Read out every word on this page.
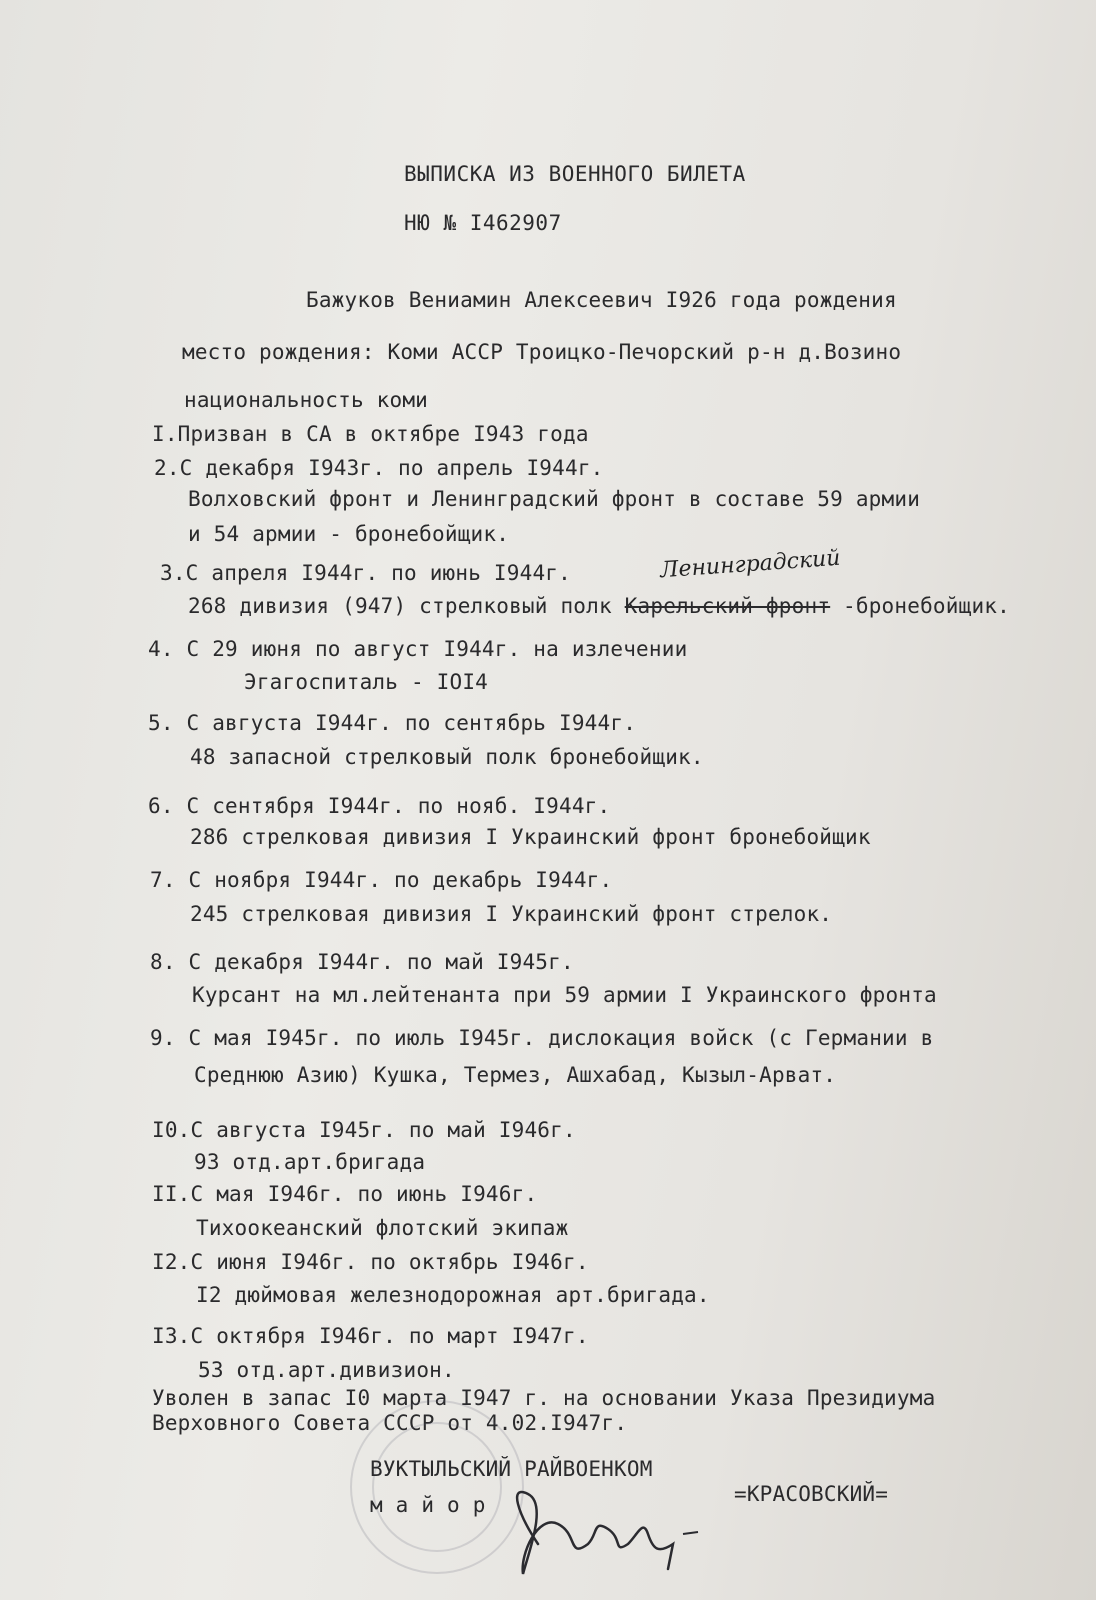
ВЫПИСКА ИЗ ВОЕННОГО БИЛЕТА
НЮ № I462907
Бажуков Вениамин Алексеевич I926 года рождения
место рождения: Коми АССР Троицко-Печорский р-н д.Возино
национальность коми
I.Призван в СА в октябре I943 года
2.С декабря I943г. по апрель I944г.
Волховский фронт и Ленинградский фронт в составе 59 армии
и 54 армии - бронебойщик.
3.С апреля I944г. по июнь I944г.
268 дивизия (947) стрелковый полк Карельский фронт -бронебойщик.
Ленинградский
4. С 29 июня по август I944г. на излечении
Эгагоспиталь - IOI4
5. С августа I944г. по сентябрь I944г.
48 запасной стрелковый полк бронебойщик.
6. С сентября I944г. по нояб. I944г.
286 стрелковая дивизия I Украинский фронт бронебойщик
7. С ноября I944г. по декабрь I944г.
245 стрелковая дивизия I Украинский фронт стрелок.
8. С декабря I944г. по май I945г.
Курсант на мл.лейтенанта при 59 армии I Украинского фронта
9. С мая I945г. по июль I945г. дислокация войск (с Германии в
Среднюю Азию) Кушка, Термез, Ашхабад, Кызыл-Арват.
I0.С августа I945г. по май I946г.
93 отд.арт.бригада
II.С мая I946г. по июнь I946г.
Тихоокеанский флотский экипаж
I2.С июня I946г. по октябрь I946г.
I2 дюймовая железнодорожная арт.бригада.
I3.С октября I946г. по март I947г.
53 отд.арт.дивизион.
Уволен в запас I0 марта I947 г. на основании Указа Президиума
Верховного Совета СССР от 4.02.I947г.
ВУКТЫЛЬСКИЙ РАЙВОЕНКОМ
м а й о р	=КРАСОВСКИЙ=
